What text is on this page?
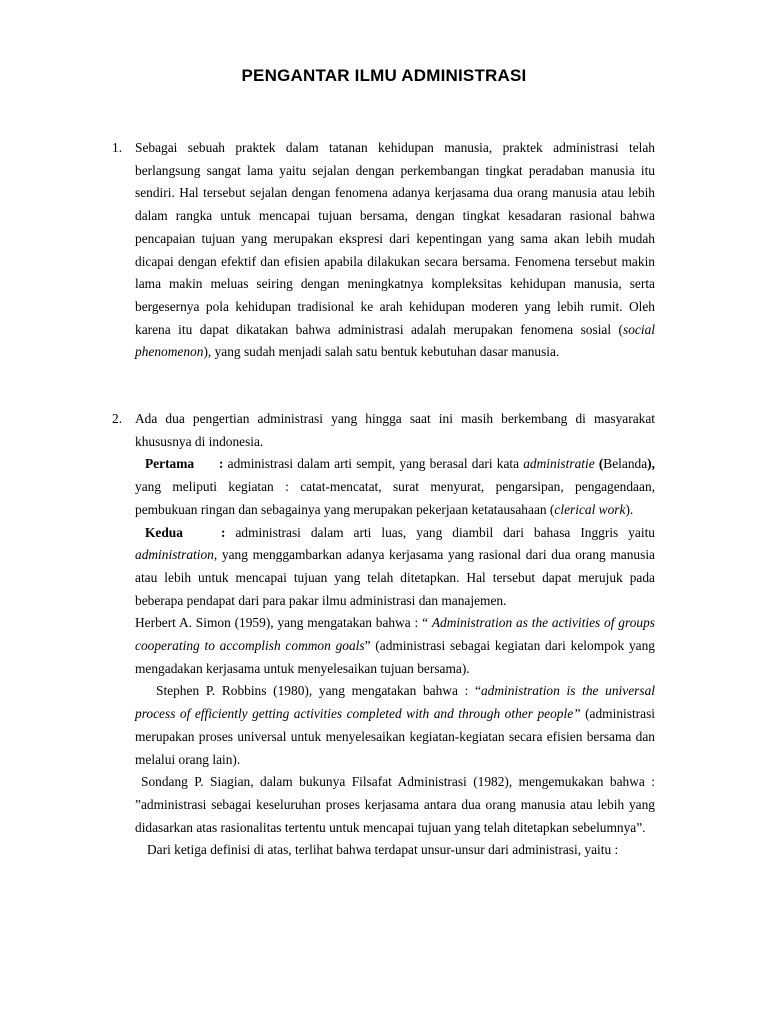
PENGANTAR ILMU ADMINISTRASI
1. Sebagai sebuah praktek dalam tatanan kehidupan manusia, praktek administrasi telah berlangsung sangat lama yaitu sejalan dengan perkembangan tingkat peradaban manusia itu sendiri. Hal tersebut sejalan dengan fenomena adanya kerjasama dua orang manusia atau lebih dalam rangka untuk mencapai tujuan bersama, dengan tingkat kesadaran rasional bahwa pencapaian tujuan yang merupakan ekspresi dari kepentingan yang sama akan lebih mudah dicapai dengan efektif dan efisien apabila dilakukan secara bersama. Fenomena tersebut makin lama makin meluas seiring dengan meningkatnya kompleksitas kehidupan manusia, serta bergesernya pola kehidupan tradisional ke arah kehidupan moderen yang lebih rumit. Oleh karena itu dapat dikatakan bahwa administrasi adalah merupakan fenomena sosial (social phenomenon), yang sudah menjadi salah satu bentuk kebutuhan dasar manusia.

2. Ada dua pengertian administrasi yang hingga saat ini masih berkembang di masyarakat khususnya di indonesia.

Pertama : administrasi dalam arti sempit, yang berasal dari kata administratie (Belanda), yang meliputi kegiatan : catat-mencatat, surat menyurat, pengarsipan, pengagendaan, pembukuan ringan dan sebagainya yang merupakan pekerjaan ketatausahaan (clerical work).

Kedua	: administrasi dalam arti luas, yang diambil dari bahasa Inggris yaitu administration, yang menggambarkan adanya kerjasama yang rasional dari dua orang manusia atau lebih untuk mencapai tujuan yang telah ditetapkan. Hal tersebut dapat merujuk pada beberapa pendapat dari para pakar ilmu administrasi dan manajemen.

Herbert A. Simon (1959), yang mengatakan bahwa : “ Administration as the activities of groups cooperating to accomplish common goals” (administrasi sebagai kegiatan dari kelompok yang mengadakan kerjasama untuk menyelesaikan tujuan bersama).

Stephen P. Robbins (1980), yang mengatakan bahwa : “administration is the universal process of efficiently getting activities completed with and through other people” (administrasi merupakan proses universal untuk menyelesaikan kegiatan-kegiatan secara efisien bersama dan melalui orang lain).

Sondang P. Siagian, dalam bukunya Filsafat Administrasi (1982), mengemukakan bahwa : ”administrasi sebagai keseluruhan proses kerjasama antara dua orang manusia atau lebih yang didasarkan atas rasionalitas tertentu untuk mencapai tujuan yang telah ditetapkan sebelumnya”.

Dari ketiga definisi di atas, terlihat bahwa terdapat unsur-unsur dari administrasi, yaitu :
